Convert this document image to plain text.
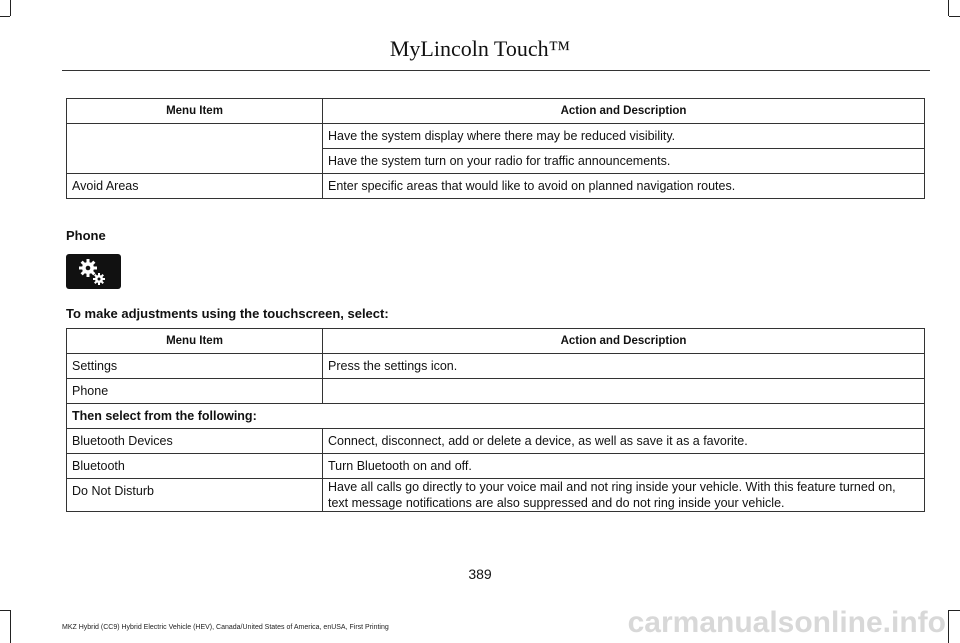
MyLincoln Touch™
Menu Item	Action and Description
	Have the system display where there may be reduced visibility.
	Have the system turn on your radio for traffic announcements.
Avoid Areas	Enter specific areas that would like to avoid on planned navigation routes.
Phone
To make adjustments using the touchscreen, select:
Menu Item	Action and Description
Settings	Press the settings icon.
Phone	
Then select from the following:	
Bluetooth Devices	Connect, disconnect, add or delete a device, as well as save it as a favorite.
Bluetooth	Turn Bluetooth on and off.
Do Not Disturb	Have all calls go directly to your voice mail and not ring inside your vehicle. With this feature turned on, text message notifications are also suppressed and do not ring inside your vehicle.
389
MKZ Hybrid (CC9) Hybrid Electric Vehicle (HEV), Canada/United States of America, enUSA, First Printing	carmanualsonline.info
